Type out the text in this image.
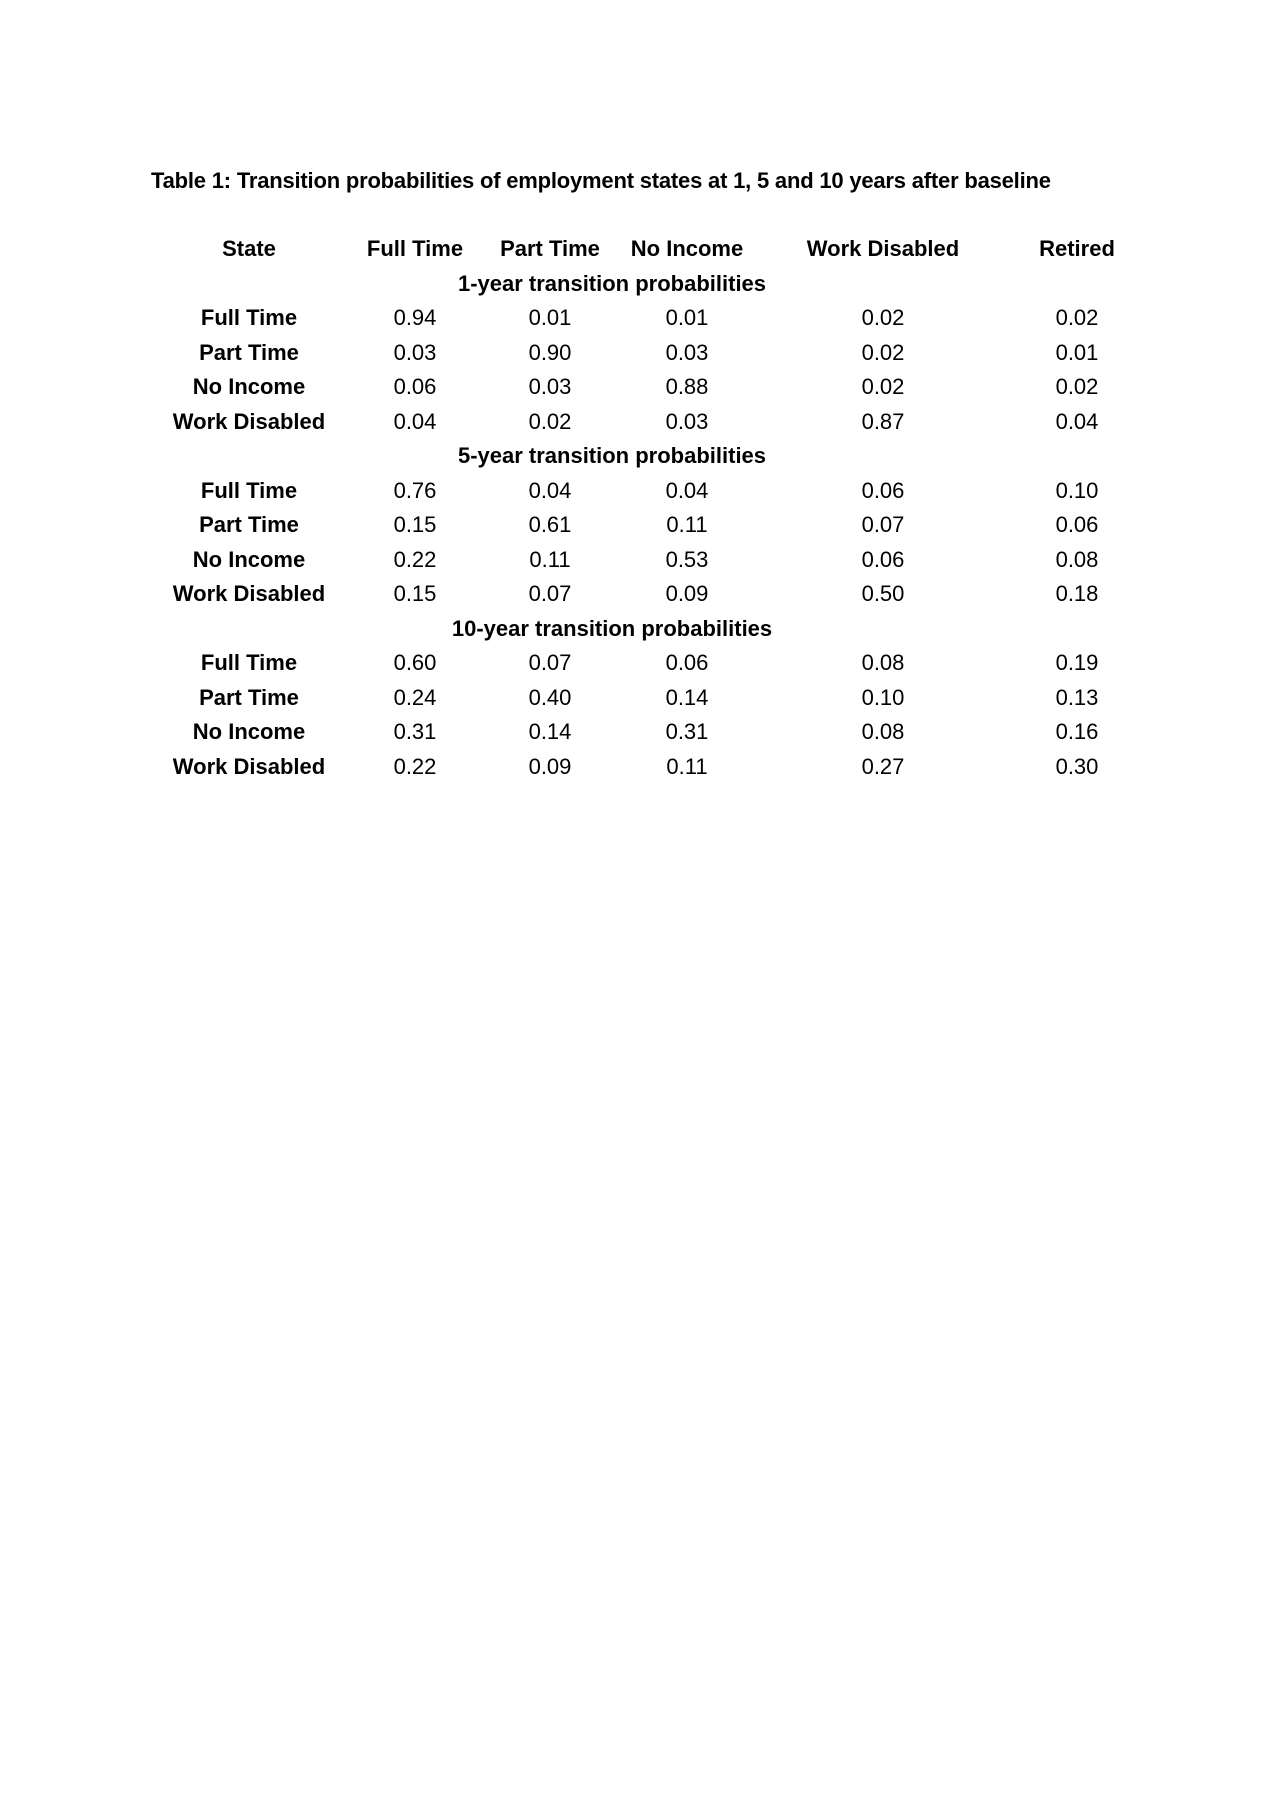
Table 1: Transition probabilities of employment states at 1, 5 and 10 years after baseline
State	Full Time	Part Time	No Income	Work Disabled	Retired
1-year transition probabilities					
Full Time	0.94	0.01	0.01	0.02	0.02
Part Time	0.03	0.90	0.03	0.02	0.01
No Income	0.06	0.03	0.88	0.02	0.02
Work Disabled	0.04	0.02	0.03	0.87	0.04
5-year transition probabilities					
Full Time	0.76	0.04	0.04	0.06	0.10
Part Time	0.15	0.61	0.11	0.07	0.06
No Income	0.22	0.11	0.53	0.06	0.08
Work Disabled	0.15	0.07	0.09	0.50	0.18
10-year transition probabilities					
Full Time	0.60	0.07	0.06	0.08	0.19
Part Time	0.24	0.40	0.14	0.10	0.13
No Income	0.31	0.14	0.31	0.08	0.16
Work Disabled	0.22	0.09	0.11	0.27	0.30
